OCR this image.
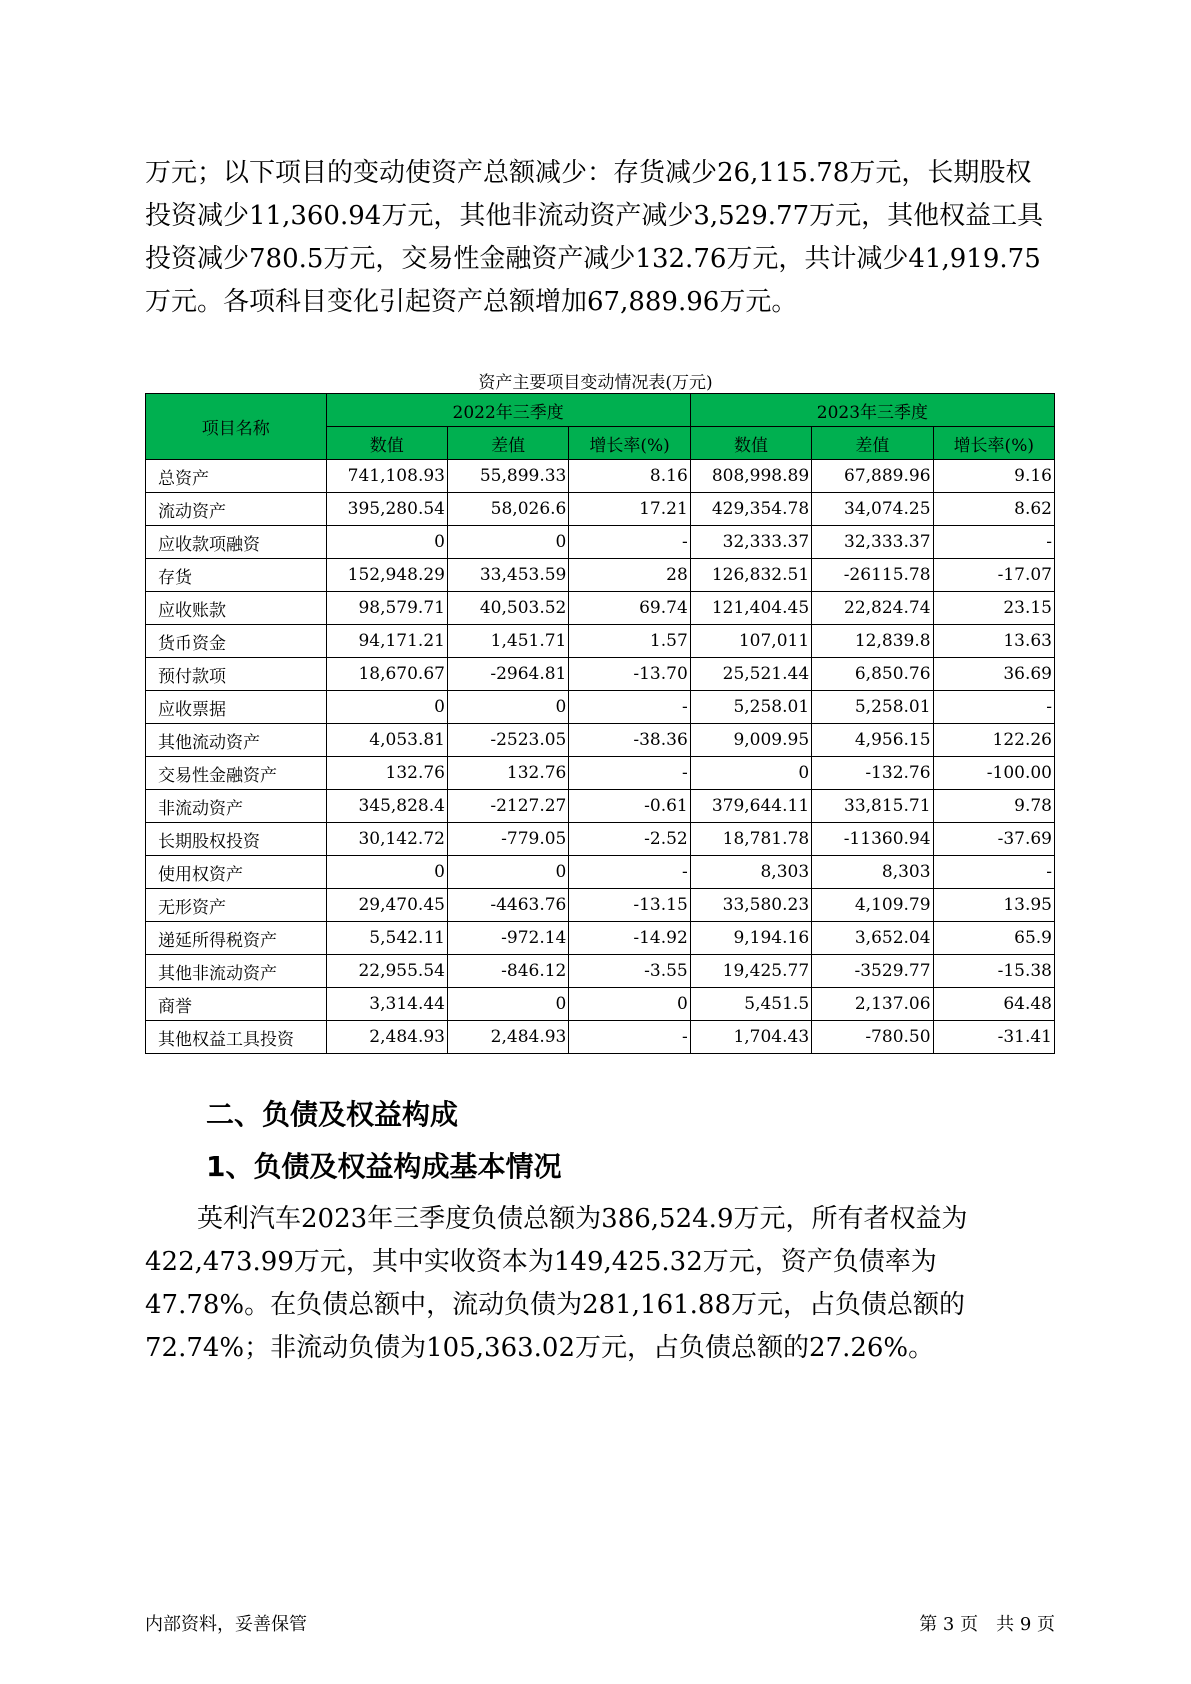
万元；以下项目的变动使资产总额减少：存货减少26,115.78万元，长期股权投资减少11,360.94万元，其他非流动资产减少3,529.77万元，其他权益工具投资减少780.5万元，交易性金融资产减少132.76万元，共计减少41,919.75万元。各项科目变化引起资产总额增加67,889.96万元。

资产主要项目变动情况表(万元)
项目名称	2022年三季度			2023年三季度		
	数值	差值	增长率(%)	数值	差值	增长率(%)
总资产	741,108.93	55,899.33	8.16	808,998.89	67,889.96	9.16
流动资产	395,280.54	58,026.6	17.21	429,354.78	34,074.25	8.62
应收款项融资	0	0	-	32,333.37	32,333.37	-
存货	152,948.29	33,453.59	28	126,832.51	-26115.78	-17.07
应收账款	98,579.71	40,503.52	69.74	121,404.45	22,824.74	23.15
货币资金	94,171.21	1,451.71	1.57	107,011	12,839.8	13.63
预付款项	18,670.67	-2964.81	-13.70	25,521.44	6,850.76	36.69
应收票据	0	0	-	5,258.01	5,258.01	-
其他流动资产	4,053.81	-2523.05	-38.36	9,009.95	4,956.15	122.26
交易性金融资产	132.76	132.76	-	0	-132.76	-100.00
非流动资产	345,828.4	-2127.27	-0.61	379,644.11	33,815.71	9.78
长期股权投资	30,142.72	-779.05	-2.52	18,781.78	-11360.94	-37.69
使用权资产	0	0	-	8,303	8,303	-
无形资产	29,470.45	-4463.76	-13.15	33,580.23	4,109.79	13.95
递延所得税资产	5,542.11	-972.14	-14.92	9,194.16	3,652.04	65.9
其他非流动资产	22,955.54	-846.12	-3.55	19,425.77	-3529.77	-15.38
商誉	3,314.44	0	0	5,451.5	2,137.06	64.48
其他权益工具投资	2,484.93	2,484.93	-	1,704.43	-780.50	-31.41
二、负债及权益构成
1、负债及权益构成基本情况

英利汽车2023年三季度负债总额为386,524.9万元，所有者权益为422,473.99万元，其中实收资本为149,425.32万元，资产负债率为47.78%。在负债总额中，流动负债为281,161.88万元，占负债总额的72.74%；非流动负债为105,363.02万元，占负债总额的27.26%。

内部资料，妥善保管	第 3 页　共 9 页
